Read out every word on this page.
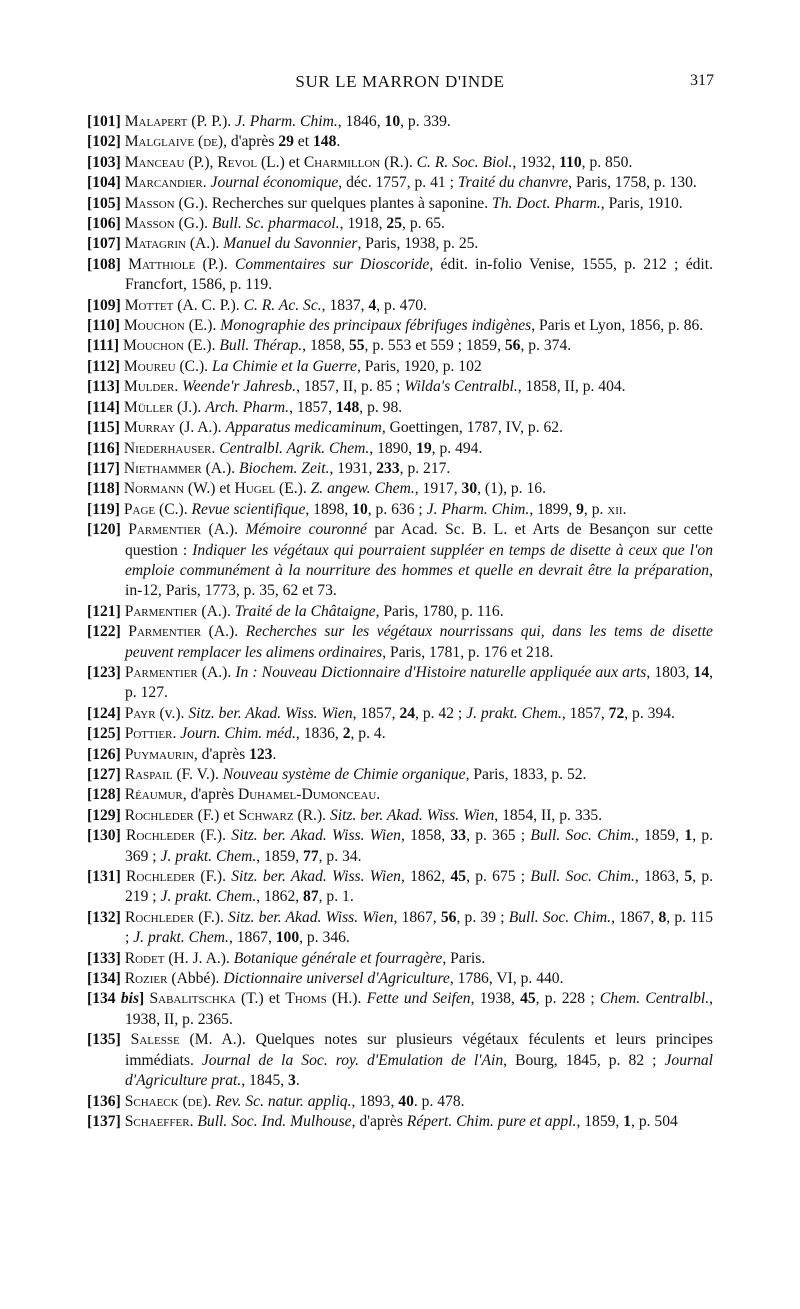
SUR LE MARRON D'INDE	317

[101] Malapert (P. P.). J. Pharm. Chim., 1846, 10, p. 339.

[102] Malglaive (de), d'après 29 et 148.

[103] Manceau (P.), Revol (L.) et Charmillon (R.). C. R. Soc. Biol., 1932, 110, p. 850.

[104] Marcandier. Journal économique, déc. 1757, p. 41 ; Traité du chanvre, Paris, 1758, p. 130.

[105] Masson (G.). Recherches sur quelques plantes à saponine. Th. Doct. Pharm., Paris, 1910.

[106] Masson (G.). Bull. Sc. pharmacol., 1918, 25, p. 65.

[107] Matagrin (A.). Manuel du Savonnier, Paris, 1938, p. 25.

[108] Matthiole (P.). Commentaires sur Dioscoride, édit. in-folio Venise, 1555, p. 212 ; édit. Francfort, 1586, p. 119.

[109] Mottet (A. C. P.). C. R. Ac. Sc., 1837, 4, p. 470.

[110] Mouchon (E.). Monographie des principaux fébrifuges indigènes, Paris et Lyon, 1856, p. 86.

[111] Mouchon (E.). Bull. Thérap., 1858, 55, p. 553 et 559 ; 1859, 56, p. 374.

[112] Moureu (C.). La Chimie et la Guerre, Paris, 1920, p. 102

[113] Mulder. Weende'r Jahresb., 1857, II, p. 85 ; Wilda's Centralbl., 1858, II, p. 404.

[114] Müller (J.). Arch. Pharm., 1857, 148, p. 98.

[115] Murray (J. A.). Apparatus medicaminum, Goettingen, 1787, IV, p. 62.

[116] Niederhauser. Centralbl. Agrik. Chem., 1890, 19, p. 494.

[117] Niethammer (A.). Biochem. Zeit., 1931, 233, p. 217.

[118] Normann (W.) et Hugel (E.). Z. angew. Chem., 1917, 30, (1), p. 16.

[119] Page (C.). Revue scientifique, 1898, 10, p. 636 ; J. Pharm. Chim., 1899, 9, p. xii.

[120] Parmentier (A.). Mémoire couronné par Acad. Sc. B. L. et Arts de Besançon sur cette question : Indiquer les végétaux qui pourraient suppléer en temps de disette à ceux que l'on emploie communément à la nourriture des hommes et quelle en devrait être la préparation, in-12, Paris, 1773, p. 35, 62 et 73.

[121] Parmentier (A.). Traité de la Châtaigne, Paris, 1780, p. 116.

[122] Parmentier (A.). Recherches sur les végétaux nourrissans qui, dans les tems de disette peuvent remplacer les alimens ordinaires, Paris, 1781, p. 176 et 218.

[123] Parmentier (A.). In : Nouveau Dictionnaire d'Histoire naturelle appliquée aux arts, 1803, 14, p. 127.

[124] Payr (v.). Sitz. ber. Akad. Wiss. Wien, 1857, 24, p. 42 ; J. prakt. Chem., 1857, 72, p. 394.

[125] Pottier. Journ. Chim. méd., 1836, 2, p. 4.

[126] Puymaurin, d'après 123.

[127] Raspail (F. V.). Nouveau système de Chimie organique, Paris, 1833, p. 52.

[128] Réaumur, d'après Duhamel-Dumonceau.

[129] Rochleder (F.) et Schwarz (R.). Sitz. ber. Akad. Wiss. Wien, 1854, II, p. 335.

[130] Rochleder (F.). Sitz. ber. Akad. Wiss. Wien, 1858, 33, p. 365 ; Bull. Soc. Chim., 1859, 1, p. 369 ; J. prakt. Chem., 1859, 77, p. 34.

[131] Rochleder (F.). Sitz. ber. Akad. Wiss. Wien, 1862, 45, p. 675 ; Bull. Soc. Chim., 1863, 5, p. 219 ; J. prakt. Chem., 1862, 87, p. 1.

[132] Rochleder (F.). Sitz. ber. Akad. Wiss. Wien, 1867, 56, p. 39 ; Bull. Soc. Chim., 1867, 8, p. 115 ; J. prakt. Chem., 1867, 100, p. 346.

[133] Rodet (H. J. A.). Botanique générale et fourragère, Paris.

[134] Rozier (Abbé). Dictionnaire universel d'Agriculture, 1786, VI, p. 440.

[134 bis] Sabalitschka (T.) et Thoms (H.). Fette und Seifen, 1938, 45, p. 228 ; Chem. Centralbl., 1938, II, p. 2365.

[135] Salesse (M. A.). Quelques notes sur plusieurs végétaux féculents et leurs principes immédiats. Journal de la Soc. roy. d'Emulation de l'Ain, Bourg, 1845, p. 82 ; Journal d'Agriculture prat., 1845, 3.

[136] Schaeck (de). Rev. Sc. natur. appliq., 1893, 40. p. 478.

[137] Schaeffer. Bull. Soc. Ind. Mulhouse, d'après Répert. Chim. pure et appl., 1859, 1, p. 504
